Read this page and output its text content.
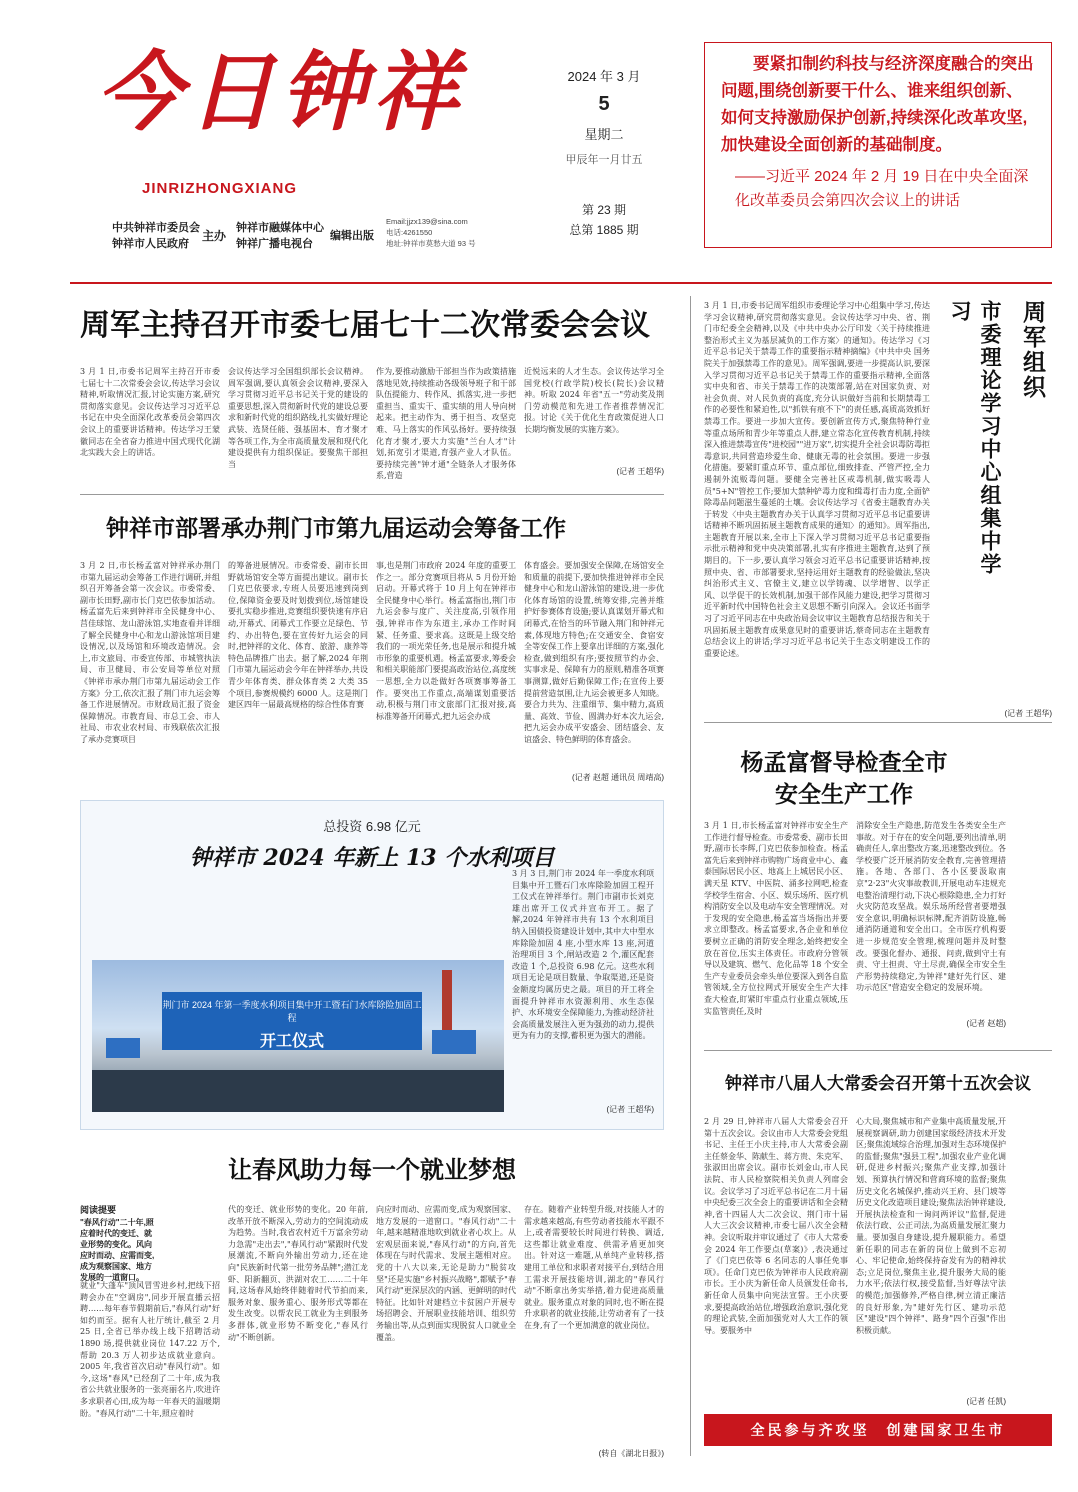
今日钟祥
JINRIZHONGXIANG
2024 年 3 月
5
星期二
甲辰年一月廿五
第 23 期
总第 1885 期
中共钟祥市委员会
钟祥市人民政府
主办
钟祥市融媒体中心
钟祥广播电视台
编辑出版
Email:jjzx139@sina.com
电话:4261550
地址:钟祥市莫愁大道 93 号

要紧扣制约科技与经济深度融合的突出问题,围绕创新要干什么、谁来组织创新、如何支持激励保护创新,持续深化改革攻坚,加快建设全面创新的基础制度。

——习近平 2024 年 2 月 19 日在中央全面深化改革委员会第四次会议上的讲话
周军主持召开市委七届七十二次常委会会议
3 月 1 日,市委书记周军主持召开市委七届七十二次常委会会议,传达学习会议精神,听取情况汇报,讨论实施方案,研究贯彻落实意见。会议传达学习习近平总书记在中央全面深化改革委员会第四次会议上的重要讲话精神。传达学习王蒙徽同志在全省奋力推进中国式现代化湖北实践大会上的讲话。
会议传达学习全国组织部长会议精神。周军强调,要认真领会会议精神,要深入学习贯彻习近平总书记关于党的建设的重要思想,深入贯彻新时代党的建设总要求和新时代党的组织路线,扎实做好理论武装、选贤任能、强基固本、育才聚才等各项工作,为全市高质量发展和现代化建设提供有力组织保证。要聚焦干部担当
作为,要推动激励干部担当作为政策措施落地见效,持续推动各级领导班子和干部队伍提能力、转作风、抓落实,进一步把重担当、重实干、重实绩的用人导向树起来。把主动作为、勇于担当、攻坚克难、马上落实的作风弘扬好。要持续强化育才聚才,要大力实施"兰台人才"计划,拓宽引才渠道,育强产业人才队伍。要持续完善"钟才通"全链条人才服务体系,营造
近悦远来的人才生态。会议传达学习全国党校(行政学院)校长(院长)会议精神。听取 2024 年省"五一"劳动奖及荆门劳动模范和先进工作者推荐情况汇报。讨论《关于优化生育政策促进人口长期均衡发展的实施方案》。
(记者 王超华)
钟祥市部署承办荆门市第九届运动会筹备工作
3 月 2 日,市长杨孟富对钟祥承办荆门市第九届运动会筹备工作进行调研,并组织召开筹备会第一次会议。市委常委、副市长田野,副市长门克巴依参加活动。杨孟富先后来到钟祥市全民健身中心、莒佳球馆、龙山游泳馆,实地查看并详细了解全民健身中心和龙山游泳馆项目建设情况,以及场馆和环境改造情况。会上,市文旅局、市委宣传部、市城管执法局、市卫健局、市公安局等单位对照《钟祥市承办荆门市第九届运动会工作方案》分工,依次汇报了荆门市九运会筹备工作进展情况。市财政局汇报了资金保障情况。市教育局、市总工会、市人社局、市农业农村局、市残联依次汇报了承办竞赛项目
的筹备进展情况。市委常委、副市长田野就场馆安全等方面提出建议。副市长门克巴依要求,专班人员要迅速到岗到位,保障资金要及时划拨到位,场馆建设要扎实稳步推进,竞赛组织要快速有序启动,开幕式、闭幕式工作要立足绿色、节约、办出特色,要在宣传好九运会的同时,把钟祥的文化、体育、旅游、康养等特色品牌推广出去。据了解,2024 年荆门市第九届运动会今年在钟祥举办,共设青少年体育类、群众体育类 2 大类 35 个项目,参赛规模约 6000 人。这是荆门建区四年一届最高规格的综合性体育赛
事,也是荆门市政府 2024 年度的重要工作之一。部分竞赛项目将从 5 月份开始启动。开幕式将于 10 月上旬在钟祥市全民健身中心举行。杨孟富指出,荆门市九运会参与度广、关注度高,引领作用强,钟祥市作为东道主,承办工作时间紧、任务重、要求高。这既是上级交给我们的一项光荣任务,也是展示和提升城市形象的重要机遇。杨孟富要求,筹委会和相关职能部门要提高政治站位,高度统一思想,全力以赴做好各项赛事筹备工作。要突出工作重点,高端谋划重要活动,积极与荆门市文旅部门汇报对接,高标准筹备开闭幕式,把九运会办成
体育盛会。要加强安全保障,在场馆安全和质量的前提下,要加快推进钟祥市全民健身中心和龙山游泳馆的建设,进一步优化体育场馆的设置,统筹安排,完善并维护好参赛体育设施;要认真谋划开幕式和闭幕式,在恰当的环节融入荆门和钟祥元素,体现地方特色;在交通安全、食宿安全等安保工作上要拿出详细的方案,强化检查,做到组织有序;要按照节约办会、实事求是、保障有力的原则,精准各项赛事测算,做好后勤保障工作;在宣传上要提前营造氛围,让九运会被更多人知晓。要合力共为、注重细节、集中精力,高质量、高效、节俭、圆满办好本次九运会,把九运会办成平安盛会、团结盛会、友谊盛会、特色鲜明的体育盛会。
(记者 赵超 通讯员 周靖高)
总投资 6.98 亿元
钟祥市 2024 年新上 13 个水利项目
荆门市 2024 年第一季度水利项目集中开工暨石门水库除险加固工程
开工仪式
3 月 3 日,荆门市 2024 年一季度水利项目集中开工暨石门水库除险加固工程开工仪式在钟祥举行。荆门市副市长刘克雄出席开工仪式并宣布开工。据了解,2024 年钟祥市共有 13 个水利项目纳入国债投资建设计划中,其中大中型水库除险加固 4 座,小型水库 13 座,河道治理项目 3 个,闸站改造 2 个,灌区配套改造 1 个,总投资 6.98 亿元。这些水利项目无论是项目数量、争取渠道,还是资金额度均属历史之最。项目的开工将全面提升钟祥市水资源利用、水生态保护、水环境安全保障能力,为推动经济社会高质量发展注入更为强劲的动力,提供更为有力的支撑,蓄积更为强大的潜能。
(记者 王超华)
让春风助力每一个就业梦想
阅读提要
"春风行动"二十年,照应着时代的变迁、就业形势的变化。风向应时而动、应需而变,成为观察国家、地方发展的一道窗口。
就业"大蓬车"顶风冒雪进乡村,把线下招聘会办在"空调房",同步开展直播云招聘……每年春节假期前后,"春风行动"好如约而至。据有人社厅统计,截至 2 月 25 日,全省已举办线上线下招聘活动 1890 场,提供就业岗位 147.22 万个,帮助 20.3 万人初步达成就业意向。2005 年,我省首次启动"春风行动"。如今,这场"春风"已经刮了二十年,成为我省公共就业服务的一张亮丽名片,吹进许多求职者心田,成为每一年春天的温暖期盼。"春风行动"二十年,照应着时
代的变迁、就业形势的变化。20 年前,改革开放不断深入,劳动力的空间流动成为趋势。当时,我省农村近千万富余劳动力急需"走出去","春风行动"紧跟时代发展潮流,不断向外输出劳动力,还在途向"民族新时代第一批劳务品牌";潜江龙虾、阳新翻页、洪湖对农工……二十年间,这场春风始终伴随着时代节拍而来,服务对象、服务重心、服务形式等都在发生改变。以帮农民工就业为主到服务多群体,就业形势不断变化,"春风行动"不断创新。
向应时而动、应需而变,成为观察国家、地方发展的一道窗口。"春风行动"二十年,越来越精准地吹到就业者心坎上。从宏观层面来说,"春风行动"的方向,首先体现在与时代需求、发展主题相对应。党的十八大以来,无论是助力"脱贫攻坚"还是实施"乡村振兴战略",都赋予"春风行动"更深层次的内涵、更鲜明的时代特征。比如针对建档立卡贫困户开展专场招聘会、开展职业技能培训、组织劳务输出等,从点到面实现脱贫人口就业全覆盖。
存在。随着产业转型升级,对技能人才的需求越来越高,有些劳动者技能水平跟不上,或者需要较长时间进行转换、调适,这些都让就业难度、供需矛盾更加突出。针对这一难题,从单纯产业转移,搭建用工单位和求职者对接平台,到结合用工需求开展技能培训,湖北的"春风行动"不断拿出务实举措,着力促进高质量就业。服务重点对象的同时,也不断在提升求职者的就业技能,让劳动者有了一技在身,有了一个更加满意的就业岗位。
(转自《湖北日报》)
周军组织
市委理论学习中心组集中学习
3 月 1 日,市委书记周军组织市委理论学习中心组集中学习,传达学习会议精神,研究贯彻落实意见。会议传达学习中央、省、荆门市纪委全会精神,以及《中共中央办公厅印发〈关于持续推进整治形式主义为基层减负的工作方案〉的通知》。传达学习《习近平总书记关于禁毒工作的重要指示精神摘编》《中共中央 国务院关于加强禁毒工作的意见》。周军强调,要进一步提高认识,要深入学习贯彻习近平总书记关于禁毒工作的重要指示精神,全面落实中央和省、市关于禁毒工作的决策部署,站在对国家负责、对社会负责、对人民负责的高度,充分认识做好当前和长期禁毒工作的必要性和紧迫性,以"抓铁有痕不下"的责任感,高质高效抓好禁毒工作。要进一步加大宣传。要创新宣传方式,聚焦特种行业等重点场所和青少年等重点人群,建立常态化宣传教育机制,持续深入推进禁毒宣传"进校园""进万家",切实提升全社会识毒防毒拒毒意识,共同营造珍爱生命、健康无毒的社会氛围。要进一步强化措施。要紧盯重点环节、重点部位,细致排查、严管严控,全力遏制外流贩毒问题。要健全完善社区戒毒机制,做实吸毒人员"5+N"管控工作;要加大禁种铲毒力度和缉毒打击力度,全面铲除毒品问题滋生蔓延的土壤。会议传达学习《省委主题教育办关于转发〈中央主题教育办关于认真学习贯彻习近平总书记重要讲话精神不断巩固拓展主题教育成果的通知〉的通知》。周军指出,主题教育开展以来,全市上下深入学习贯彻习近平总书记重要指示批示精神和党中央决策部署,扎实有序推进主题教育,达到了预期目的。下一步,要认真学习领会习近平总书记重要讲话精神,按照中央、省、市部署要求,坚持运用好主题教育的经验做法,坚决纠治形式主义、官僚主义,建立以学铸魂、以学增智、以学正风、以学促干的长效机制,加强干部作风能力建设,把学习贯彻习近平新时代中国特色社会主义思想不断引向深入。会议还书面学习了习近平同志在中央政治局会议审议主题教育总结报告和关于巩固拓展主题教育成果意见时的重要讲话,蔡奇同志在主题教育总结会议上的讲话;学习习近平总书记关于生态文明建设工作的重要论述。
(记者 王超华)
杨孟富督导检查全市安全生产工作
3 月 1 日,市长杨孟富对钟祥市安全生产工作进行督导检查。市委常委、副市长田野,副市长李辉,门克巴依参加检查。杨孟富先后来到钟祥市购物广场商业中心、鑫泰国际居民小区、地高上上城居民小区、满天星 KTV、中医院、涌多拉网吧,检查学校学生宿舍、小区、娱乐场所、医疗机构消防安全以及电动车安全管理情况。对于发现的安全隐患,杨孟富当场指出并要求立即整改。杨孟富要求,各企业和单位要树立正确的消防安全理念,始终把安全放在首位,压实主体责任。市政府分管领导以及建筑、燃气、危化品等 18 个安全生产专业委员会牵头单位要深入到各自监管领域,全方位拉网式开展安全生产大排查大检查,盯紧盯牢重点行业重点领域,压实监管责任,及时
消除安全生产隐患,防范发生各类安全生产事故。对于存在的安全问题,要列出清单,明确责任人,拿出整改方案,迅速整改到位。各学校要广泛开展消防安全教育,完善管理措施。各地、各部门、各小区要汲取南京"2·23"火灾事故教训,开展电动车违规充电整治清理行动,下决心根除隐患,全力打好火灾防范攻坚战。娱乐场所经营者要增强安全意识,明确标识标牌,配齐消防设施,畅通消防通道和安全出口。全市医疗机构要进一步规范安全管理,梳理问题并及时整改。要强化督办、通报、问责,做到守土有责、守土担责、守土尽责,确保全市安全生产形势持续稳定,为钟祥"建好先行区、建功示范区"营造安全稳定的发展环境。
(记者 赵超)
钟祥市八届人大常委会召开第十五次会议
2 月 29 日,钟祥市八届人大常委会召开第十五次会议。会议由市人大常委会党组书记、主任王小庆主持,市人大常委会副主任蔡金华、陈献生、蒋方贵、朱克军、张淑田出席会议。副市长刘金山,市人民法院、市人民检察院相关负责人列席会议。会议学习了习近平总书记在二月十届中央纪委三次全会上的重要讲话和全会精神,省十四届人大二次会议、荆门市十届人大三次会议精神,市委七届八次全会精神。会议听取并审议通过了《市人大常委会 2024 年工作要点(草案)》,表决通过了《门克巴依等 6 名同志的人事任免事项》。任命门克巴依为钟祥市人民政府副市长。王小庆为新任命人员颁发任命书,新任命人员集中向宪法宣誓。王小庆要求,要提高政治站位,增强政治意识,强化党的理论武装,全面加强党对人大工作的领导。要服务中
心大局,聚焦城市和产业集中高质量发展,开展视察调研,助力创建国家级经济技术开发区;聚焦流域综合治理,加强对生态环境保护的监督;聚焦"强县工程",加强农业产业化调研,促进乡村振兴;聚焦产业支撑,加强计划、预算执行情况和营商环境的监督;聚焦历史文化名城保护,推动兴王府、县门坡等历史文化改造项目建设;聚焦法治钟祥建设,开展执法检查和一询问两评议"监督,促进依法行政、公正司法,为高质量发展汇聚力量。要加强自身建设,提升履职能力。希望新任职的同志在新的岗位上做到不忘初心、牢记使命,始终保持奋发有为的精神状态;立足岗位,聚焦主业,提升服务大局的能力水平;依法行权,接受监督,当好尊法守法的模范;加强修养,严格自律,树立清正廉洁的良好形象,为"建好先行区、建功示范区"建设"四个钟祥"、路身"四个百强"作出积极贡献。
(记者 任凯)
全民参与齐攻坚　创建国家卫生市
